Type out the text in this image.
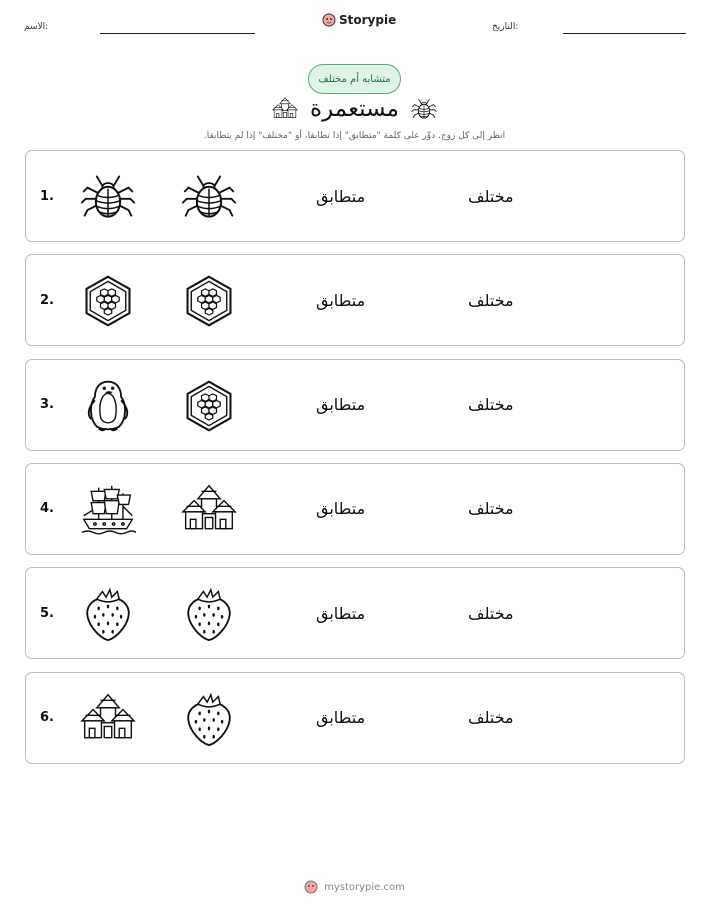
الاسم:	Storypie	التاريخ:
متشابه أم مختلف
مستعمرة
انظر إلى كل زوج. دوِّر على كلمة "متطابق" إذا تطابقا، أو "مختلف" إذا لم يتطابقا.
1.	متطابق	مختلف
2.	متطابق	مختلف
3.	متطابق	مختلف
4.	متطابق	مختلف
5.	متطابق	مختلف
6.	متطابق	مختلف
mystorypie.com
